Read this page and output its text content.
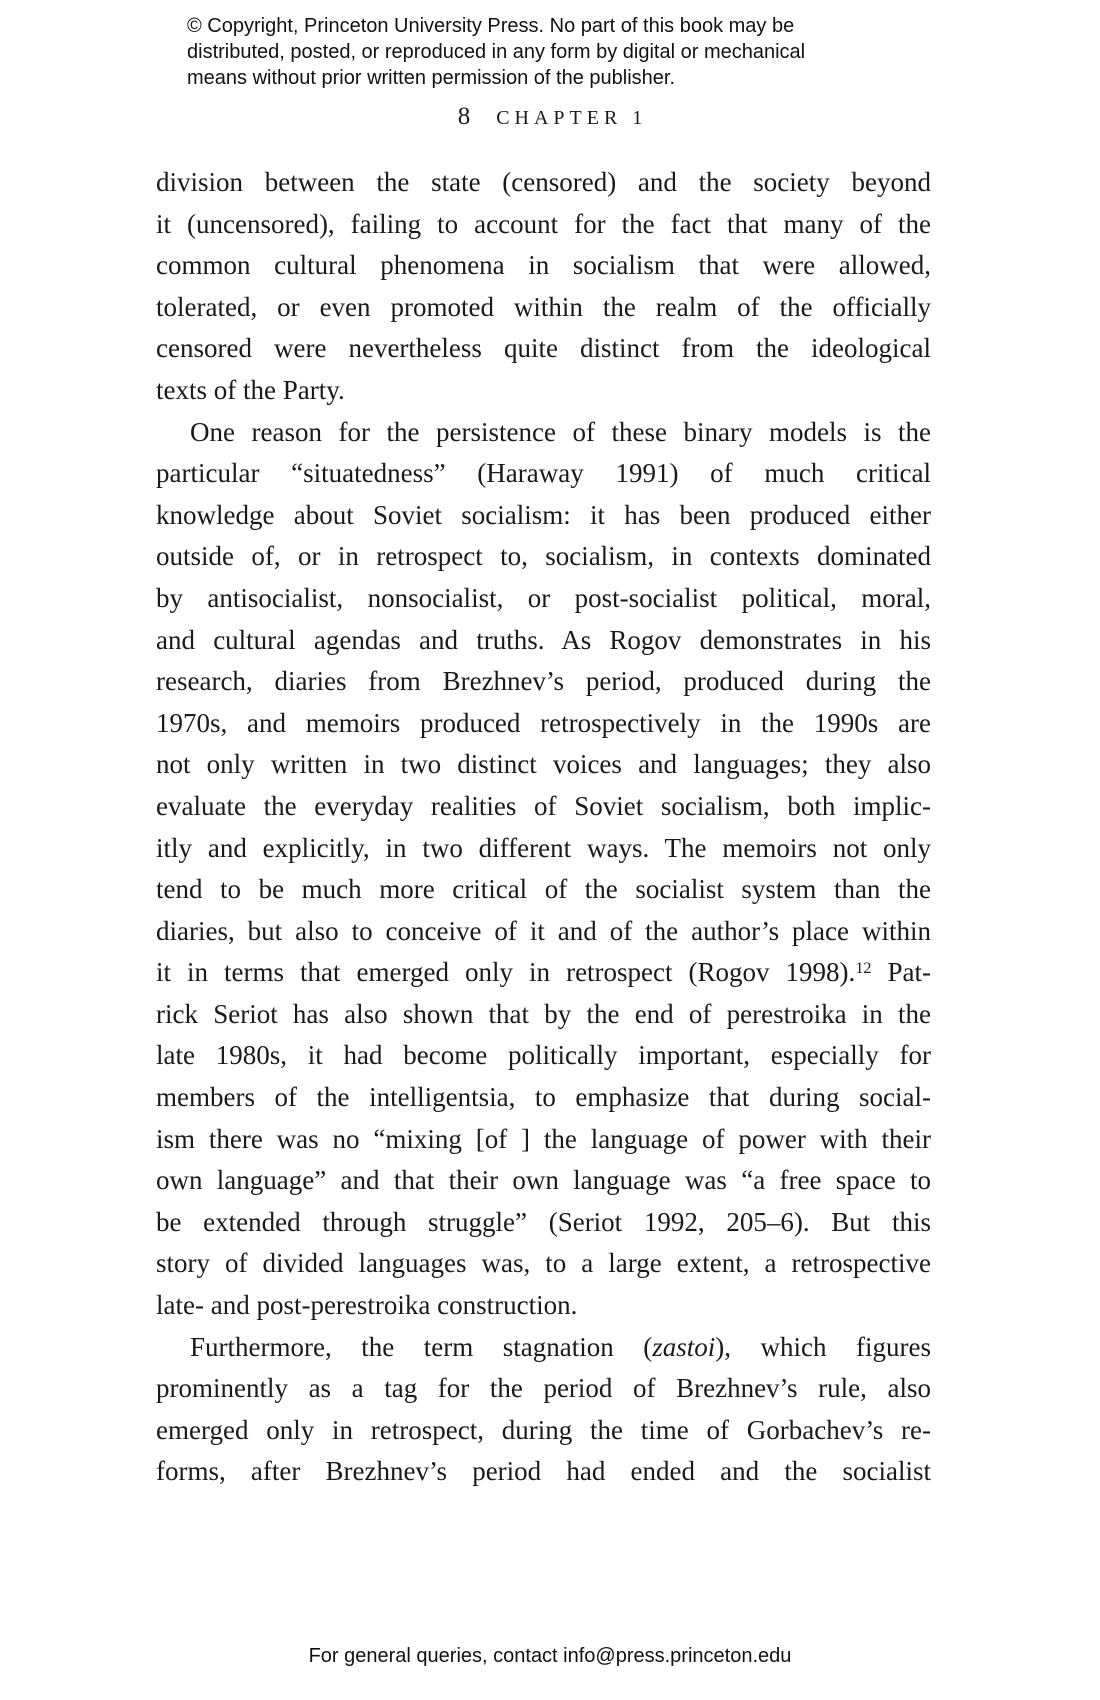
© Copyright, Princeton University Press. No part of this book may be
distributed, posted, or reproduced in any form by digital or mechanical
means without prior written permission of the publisher.
8 CHAPTER 1
division between the state (censored) and the society beyond
it (uncensored), failing to account for the fact that many of the
common cultural phenomena in socialism that were allowed,
tolerated, or even promoted within the realm of the officially
censored were nevertheless quite distinct from the ideological
texts of the Party.
One reason for the persistence of these binary models is the
particular “situatedness” (Haraway 1991) of much critical
knowledge about Soviet socialism: it has been produced either
outside of, or in retrospect to, socialism, in contexts dominated
by antisocialist, nonsocialist, or post-socialist political, moral,
and cultural agendas and truths. As Rogov demonstrates in his
research, diaries from Brezhnev’s period, produced during the
1970s, and memoirs produced retrospectively in the 1990s are
not only written in two distinct voices and languages; they also
evaluate the everyday realities of Soviet socialism, both implic-
itly and explicitly, in two different ways. The memoirs not only
tend to be much more critical of the socialist system than the
diaries, but also to conceive of it and of the author’s place within
it in terms that emerged only in retrospect (Rogov 1998).$^{12}$ Pat-
rick Seriot has also shown that by the end of perestroika in the
late 1980s, it had become politically important, especially for
members of the intelligentsia, to emphasize that during social-
ism there was no “mixing [of ] the language of power with their
own language” and that their own language was “a free space to
be extended through struggle” (Seriot 1992, 205–6). But this
story of divided languages was, to a large extent, a retrospective
late- and post-perestroika construction.
Furthermore, the term stagnation (zastoi), which figures
prominently as a tag for the period of Brezhnev’s rule, also
emerged only in retrospect, during the time of Gorbachev’s re-
forms, after Brezhnev’s period had ended and the socialist
For general queries, contact info@press.princeton.edu
